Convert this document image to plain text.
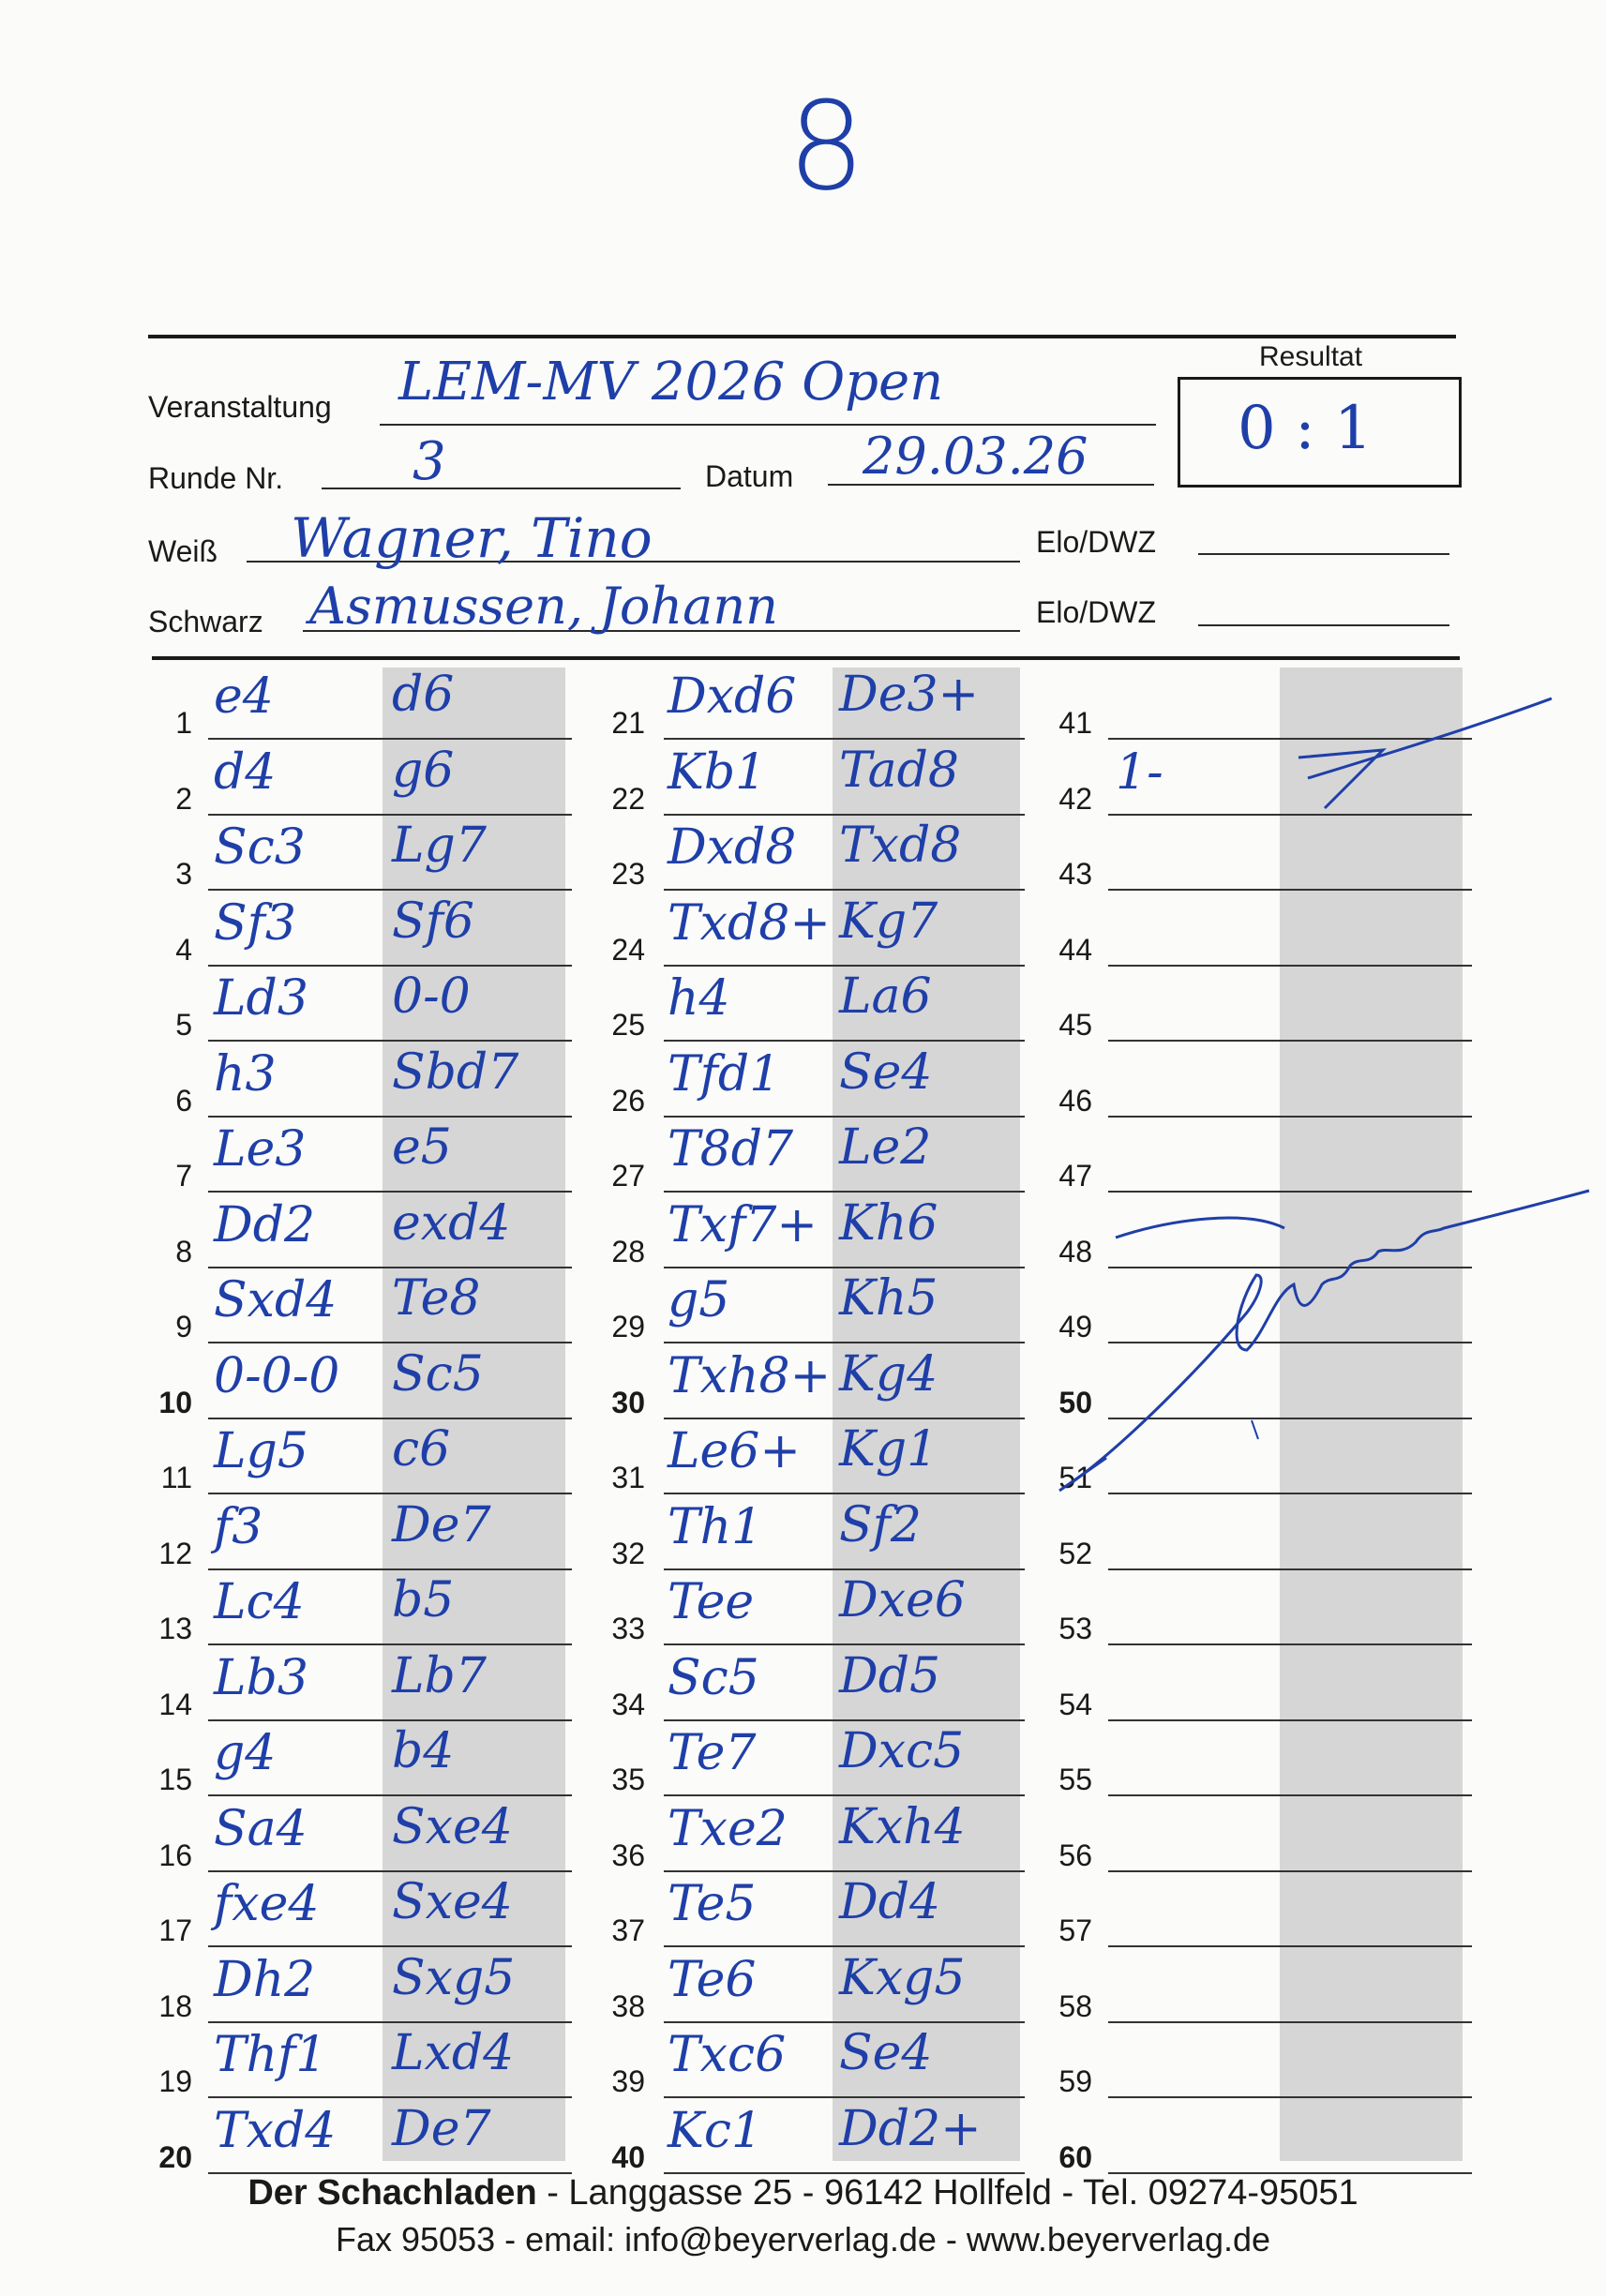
8
Resultat
0 : 1
Veranstaltung LEM-MV 2026 Open
Runde Nr. 3	Datum 29.03.26
Weiß Wagner, Tino	Elo/DWZ
Schwarz Asmussen, Johann	Elo/DWZ
1 e4 d6
2 d4 g6
3 Sc3 Lg7
4 Sf3 Sf6
5 Ld3 0-0
6 h3 Sbd7
7 Le3 e5
8 Dd2 exd4
9 Sxd4 Te8
10 0-0-0 Sc5
11 Lg5 c6
12 f3	De7
13 Lc4 b5
14 Lb3 Lb7
15 g4 b4
16 Sa4 Sxe4
17 fxe4 Sxe4
18 Dh2 Sxg5
19 Thf1 Lxd4
20 Txd4 De7
21 Dxd6 De3+
22 Kb1 Tad8
23 Dxd8 Txd8
24 Txd8+ Kg7
25 h4 La6
26 Tfd1 Se4
27 T8d7 Le2
28 Txf7+ Kh6
29 g5 Kh5
30 Txh8+ Kg4
31 Le6+ Kg1
32 Th1 Sf2
33 Tee Dxe6
34 Sc5 Dd5
35 Te7 Dxc5
36 Txe2 Kxh4
37 Te5 Dd4
38 Te6 Kxg5
39 Txc6 Se4
40 Kc1 Dd2+
41
42 1-
43
44
45
46
47
48
49
50
51
52
53
54
55
56
57
58
59
60
Der Schachladen - Langgasse 25 - 96142 Hollfeld - Tel. 09274-95051
Fax 95053 - email: info@beyerverlag.de - www.beyerverlag.de
